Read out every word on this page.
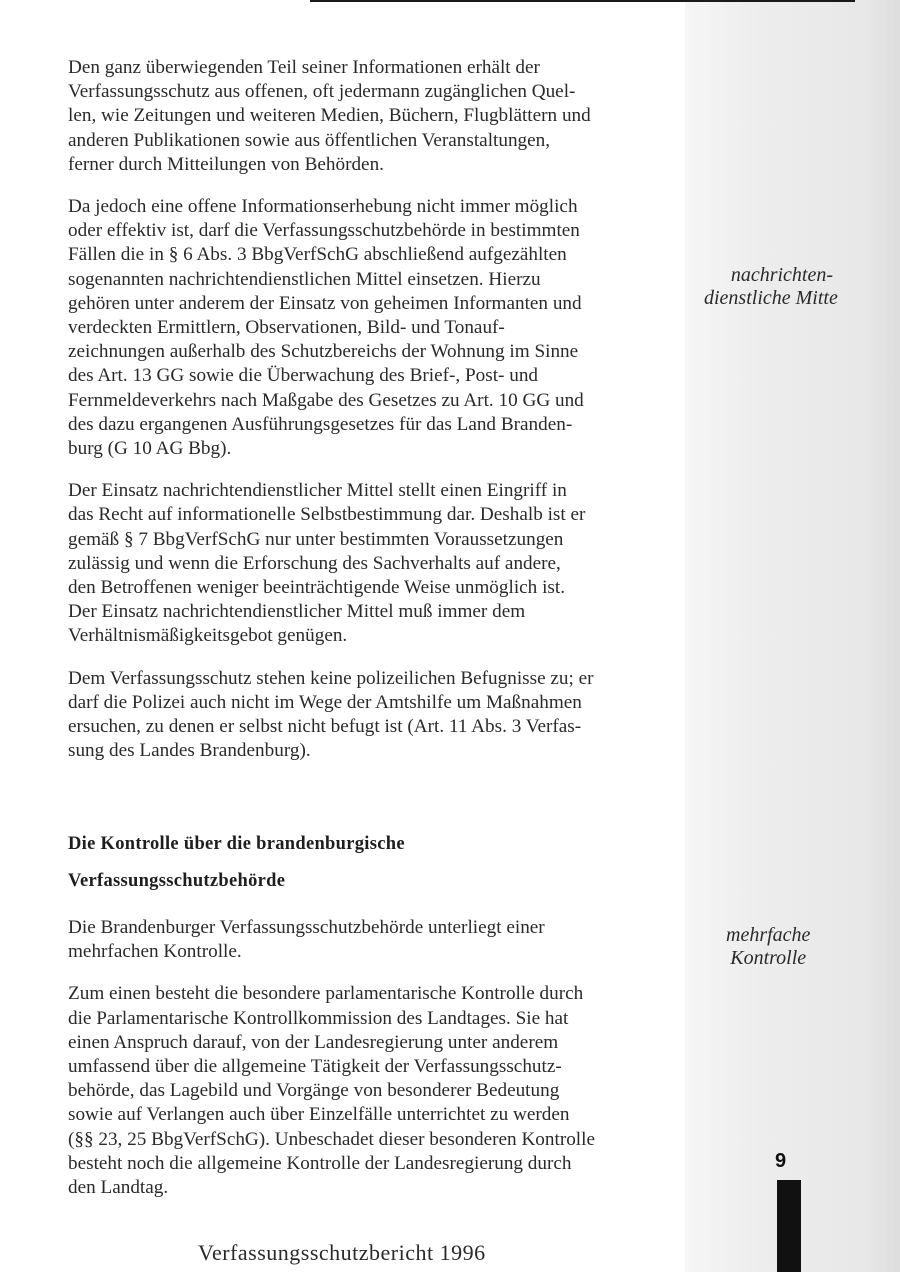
Den ganz überwiegenden Teil seiner Informationen erhält der
Verfassungsschutz aus offenen, oft jedermann zugänglichen Quel-
len, wie Zeitungen und weiteren Medien, Büchern, Flugblättern und
anderen Publikationen sowie aus öffentlichen Veranstaltungen,
ferner durch Mitteilungen von Behörden.

Da jedoch eine offene Informationserhebung nicht immer möglich
oder effektiv ist, darf die Verfassungsschutzbehörde in bestimmten
Fällen die in § 6 Abs. 3 BbgVerfSchG abschließend aufgezählten
sogenannten nachrichtendienstlichen Mittel einsetzen. Hierzu
gehören unter anderem der Einsatz von geheimen Informanten und
verdeckten Ermittlern, Observationen, Bild- und Tonauf-
zeichnungen außerhalb des Schutzbereichs der Wohnung im Sinne
des Art. 13 GG sowie die Überwachung des Brief-, Post- und
Fernmeldeverkehrs nach Maßgabe des Gesetzes zu Art. 10 GG und
des dazu ergangenen Ausführungsgesetzes für das Land Branden-
burg (G 10 AG Bbg).

Der Einsatz nachrichtendienstlicher Mittel stellt einen Eingriff in
das Recht auf informationelle Selbstbestimmung dar. Deshalb ist er
gemäß § 7 BbgVerfSchG nur unter bestimmten Voraussetzungen
zulässig und wenn die Erforschung des Sachverhalts auf andere,
den Betroffenen weniger beeinträchtigende Weise unmöglich ist.
Der Einsatz nachrichtendienstlicher Mittel muß immer dem
Verhältnismäßigkeitsgebot genügen.

Dem Verfassungsschutz stehen keine polizeilichen Befugnisse zu; er
darf die Polizei auch nicht im Wege der Amtshilfe um Maßnahmen
ersuchen, zu denen er selbst nicht befugt ist (Art. 11 Abs. 3 Verfas-
sung des Landes Brandenburg).

Die Kontrolle über die brandenburgische
Verfassungsschutzbehörde

Die Brandenburger Verfassungsschutzbehörde unterliegt einer
mehrfachen Kontrolle.

Zum einen besteht die besondere parlamentarische Kontrolle durch
die Parlamentarische Kontrollkommission des Landtages. Sie hat
einen Anspruch darauf, von der Landesregierung unter anderem
umfassend über die allgemeine Tätigkeit der Verfassungsschutz-
behörde, das Lagebild und Vorgänge von besonderer Bedeutung
sowie auf Verlangen auch über Einzelfälle unterrichtet zu werden
(§§ 23, 25 BbgVerfSchG). Unbeschadet dieser besonderen Kontrolle
besteht noch die allgemeine Kontrolle der Landesregierung durch
den Landtag.

nachrichten-
dienstliche Mitte
mehrfache
Kontrolle
9
Verfassungsschutzbericht 1996
